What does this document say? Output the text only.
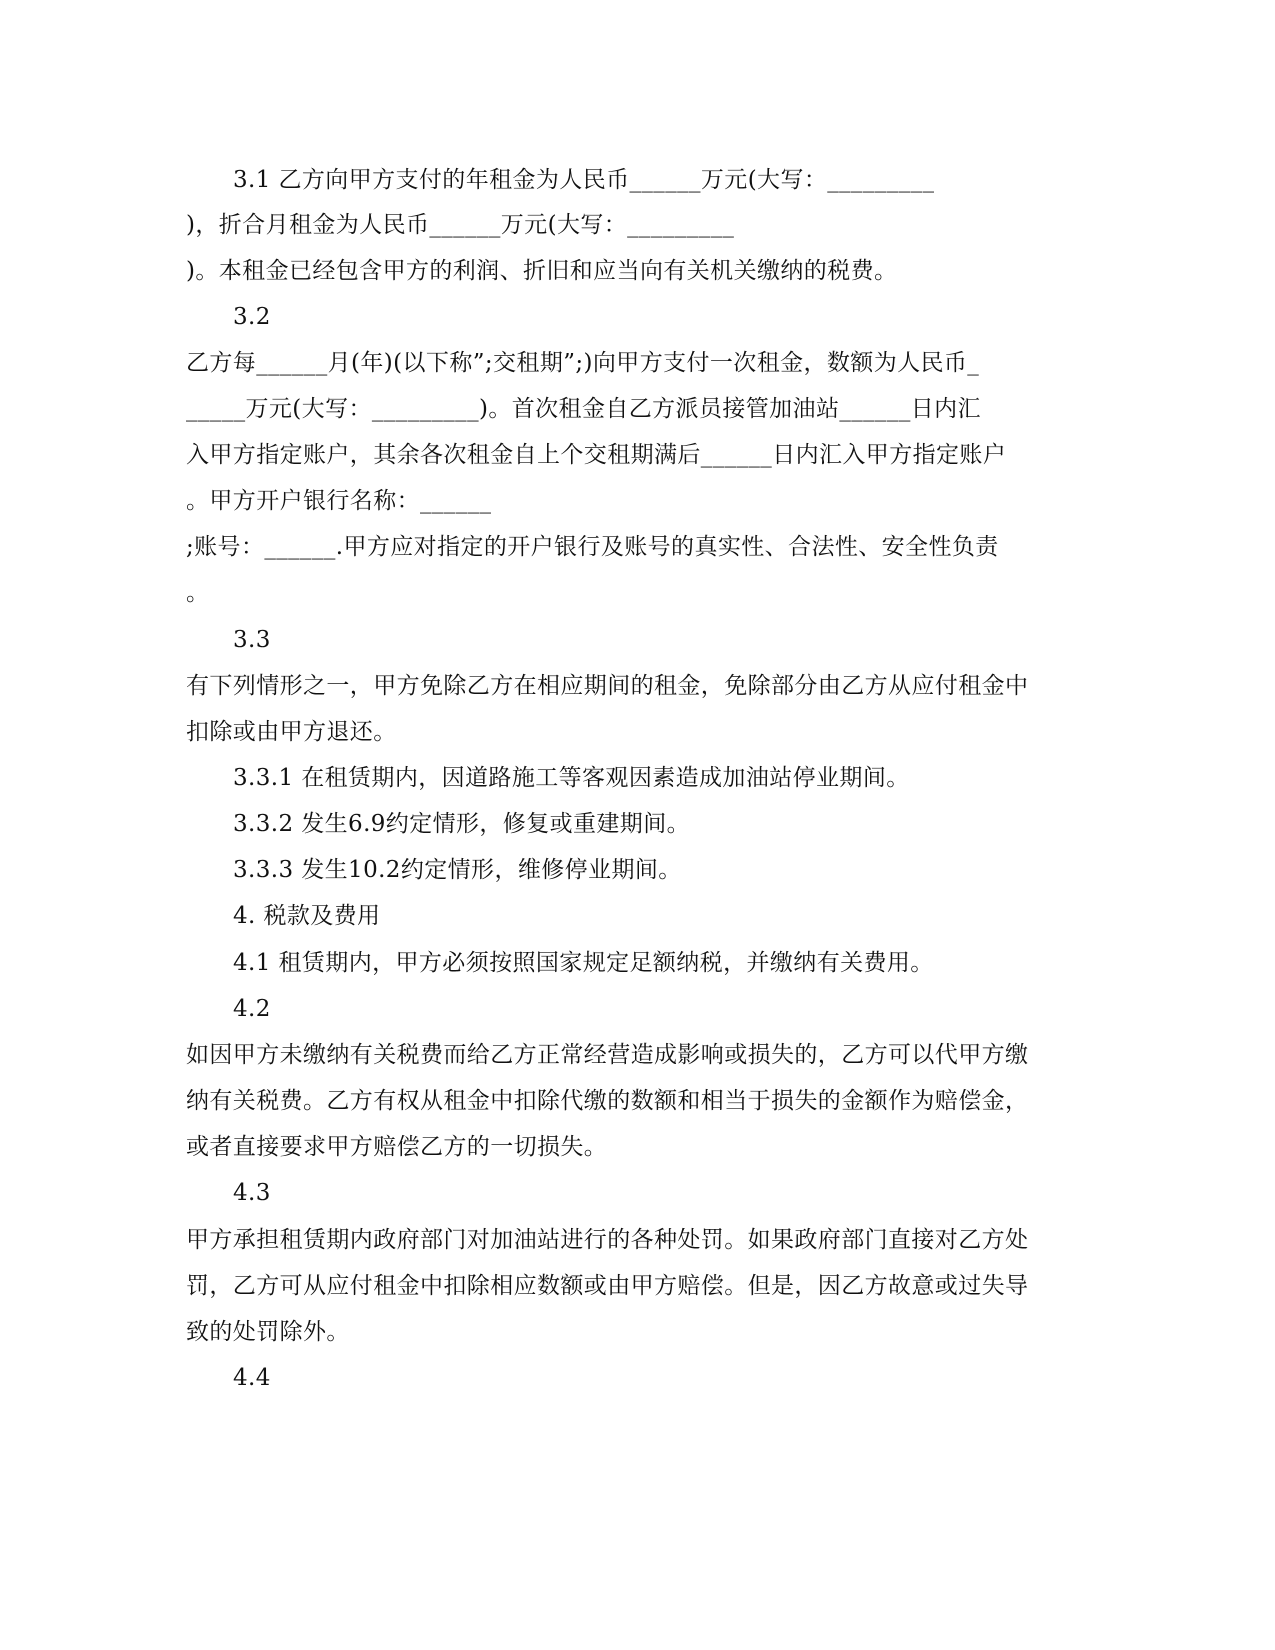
3.1 乙方向甲方支付的年租金为人民币______万元(大写：_________
)，折合月租金为人民币______万元(大写：_________
)。本租金已经包含甲方的利润、折旧和应当向有关机关缴纳的税费。
3.2
乙方每______月(年)(以下称”;交租期”;)向甲方支付一次租金，数额为人民币_
_____万元(大写：_________)。首次租金自乙方派员接管加油站______日内汇
入甲方指定账户，其余各次租金自上个交租期满后______日内汇入甲方指定账户
。甲方开户银行名称：______
;账号：______.甲方应对指定的开户银行及账号的真实性、合法性、安全性负责
。
3.3
有下列情形之一，甲方免除乙方在相应期间的租金，免除部分由乙方从应付租金中
扣除或由甲方退还。
3.3.1 在租赁期内，因道路施工等客观因素造成加油站停业期间。
3.3.2 发生6.9约定情形，修复或重建期间。
3.3.3 发生10.2约定情形，维修停业期间。
4. 税款及费用
4.1 租赁期内，甲方必须按照国家规定足额纳税，并缴纳有关费用。
4.2
如因甲方未缴纳有关税费而给乙方正常经营造成影响或损失的，乙方可以代甲方缴
纳有关税费。乙方有权从租金中扣除代缴的数额和相当于损失的金额作为赔偿金，
或者直接要求甲方赔偿乙方的一切损失。
4.3
甲方承担租赁期内政府部门对加油站进行的各种处罚。如果政府部门直接对乙方处
罚，乙方可从应付租金中扣除相应数额或由甲方赔偿。但是，因乙方故意或过失导
致的处罚除外。
4.4
